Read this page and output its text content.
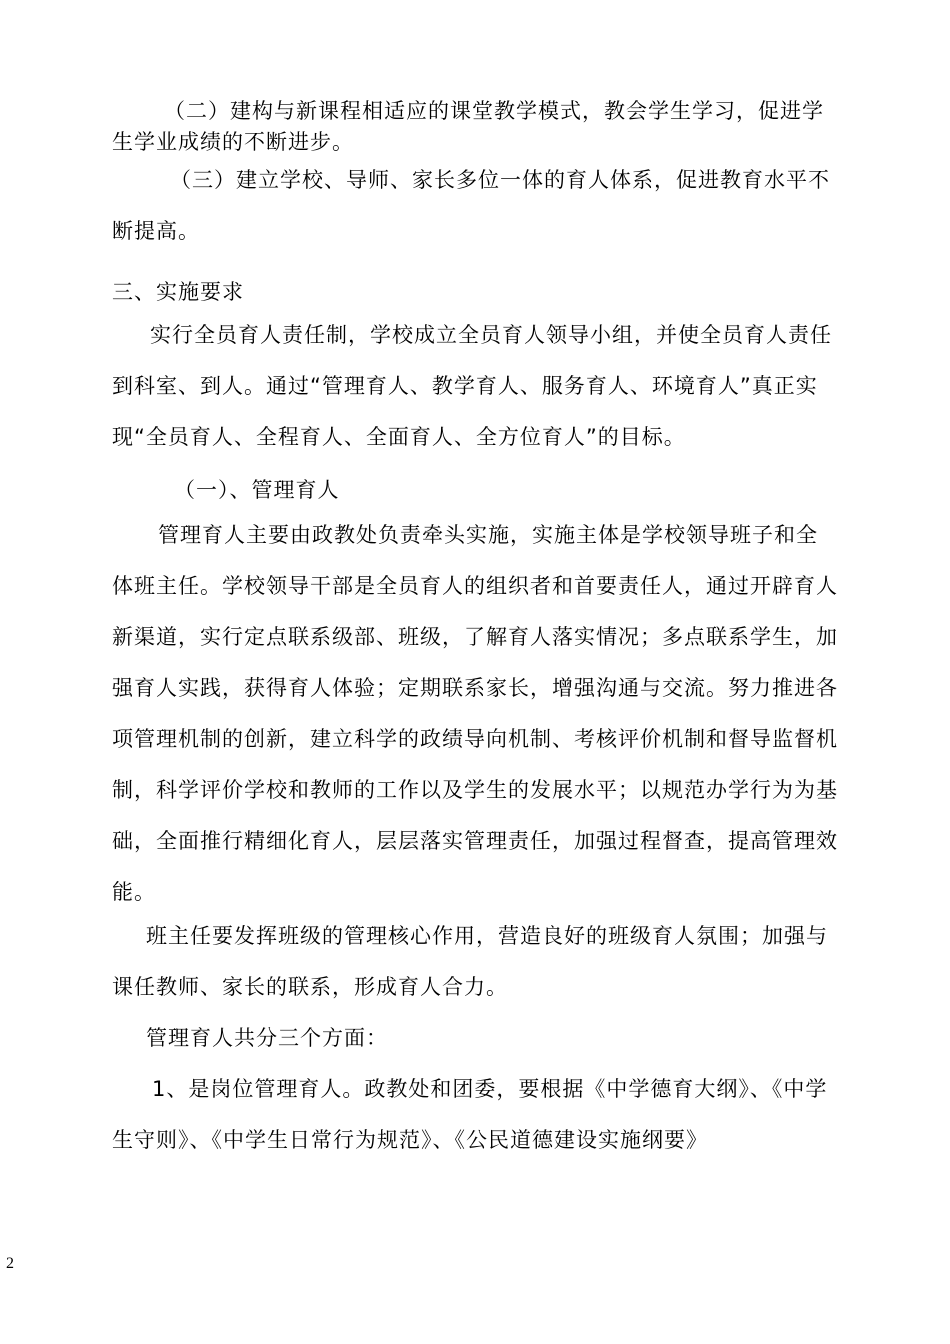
（二）建构与新课程相适应的课堂教学模式，教会学生学习，促进学生学业成绩的不断进步。

（三）建立学校、导师、家长多位一体的育人体系，促进教育水平不断提高。

三、实施要求

实行全员育人责任制，学校成立全员育人领导小组，并使全员育人责任到科室、到人。通过“管理育人、教学育人、服务育人、环境育人”真正实现“全员育人、全程育人、全面育人、全方位育人”的目标。

（一）、管理育人

管理育人主要由政教处负责牵头实施，实施主体是学校领导班子和全体班主任。学校领导干部是全员育人的组织者和首要责任人，通过开辟育人新渠道，实行定点联系级部、班级，了解育人落实情况；多点联系学生，加强育人实践，获得育人体验；定期联系家长，增强沟通与交流。努力推进各项管理机制的创新，建立科学的政绩导向机制、考核评价机制和督导监督机制，科学评价学校和教师的工作以及学生的发展水平；以规范办学行为为基础，全面推行精细化育人，层层落实管理责任，加强过程督查，提高管理效能。

班主任要发挥班级的管理核心作用，营造良好的班级育人氛围；加强与课任教师、家长的联系，形成育人合力。

管理育人共分三个方面：

1、是岗位管理育人。政教处和团委，要根据《中学德育大纲》、《中学生守则》、《中学生日常行为规范》、《公民道德建设实施纲要》

2
